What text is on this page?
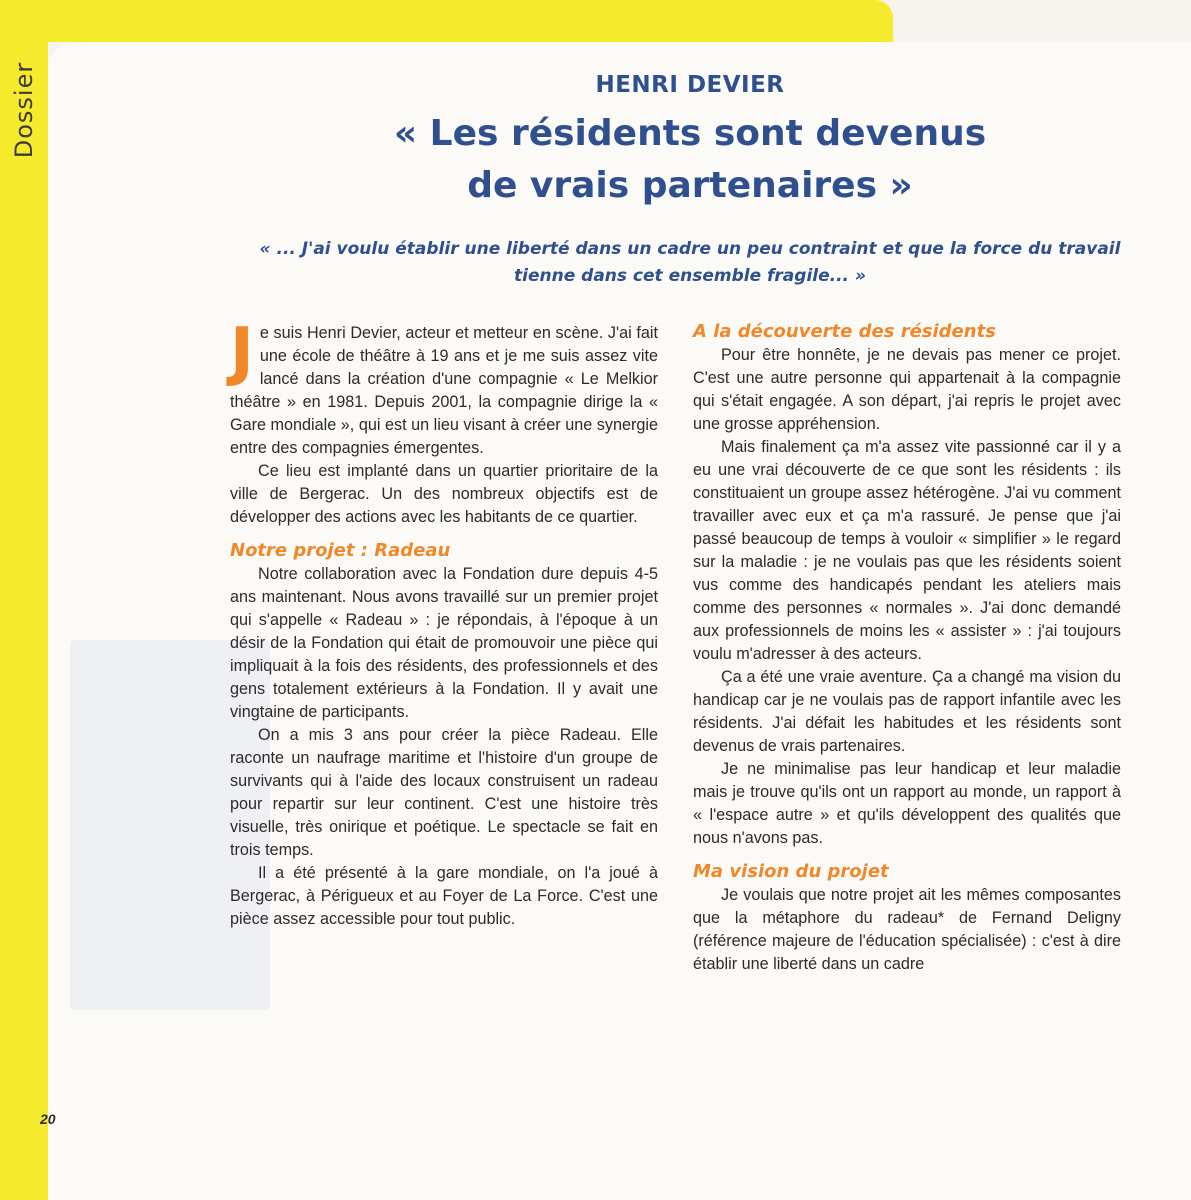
Dossier
20
HENRI DEVIER
« Les résidents sont devenus
de vrais partenaires »
« ... J'ai voulu établir une liberté dans un cadre un peu contraint et que la force du travail
tienne dans cet ensemble fragile... »

Je suis Henri Devier, acteur et metteur en scène. J'ai fait une école de théâtre à 19 ans et je me suis assez vite lancé dans la création d'une compagnie « Le Melkior théâtre » en 1981. Depuis 2001, la compagnie dirige la « Gare mondiale », qui est un lieu visant à créer une synergie entre des compagnies émergentes.

Ce lieu est implanté dans un quartier prioritaire de la ville de Bergerac. Un des nombreux objectifs est de développer des actions avec les habitants de ce quartier.

Notre projet : Radeau

Notre collaboration avec la Fondation dure depuis 4-5 ans maintenant. Nous avons travaillé sur un premier projet qui s'appelle « Radeau » : je répondais, à l'époque à un désir de la Fondation qui était de promouvoir une pièce qui impliquait à la fois des résidents, des professionnels et des gens totalement extérieurs à la Fondation. Il y avait une vingtaine de participants.

On a mis 3 ans pour créer la pièce Radeau. Elle raconte un naufrage maritime et l'histoire d'un groupe de survivants qui à l'aide des locaux construisent un radeau pour repartir sur leur continent. C'est une histoire très visuelle, très onirique et poétique. Le spectacle se fait en trois temps.

Il a été présenté à la gare mondiale, on l'a joué à Bergerac, à Périgueux et au Foyer de La Force. C'est une pièce assez accessible pour tout public.

A la découverte des résidents

Pour être honnête, je ne devais pas mener ce projet. C'est une autre personne qui appartenait à la compagnie qui s'était engagée. A son départ, j'ai repris le projet avec une grosse appréhension.

Mais finalement ça m'a assez vite passionné car il y a eu une vrai découverte de ce que sont les résidents : ils constituaient un groupe assez hétérogène. J'ai vu comment travailler avec eux et ça m'a rassuré. Je pense que j'ai passé beaucoup de temps à vouloir « simplifier » le regard sur la maladie : je ne voulais pas que les résidents soient vus comme des handicapés pendant les ateliers mais comme des personnes « normales ». J'ai donc demandé aux professionnels de moins les « assister » : j'ai toujours voulu m'adresser à des acteurs.

Ça a été une vraie aventure. Ça a changé ma vision du handicap car je ne voulais pas de rapport infantile avec les résidents. J'ai défait les habitudes et les résidents sont devenus de vrais partenaires.

Je ne minimalise pas leur handicap et leur maladie mais je trouve qu'ils ont un rapport au monde, un rapport à « l'espace autre » et qu'ils développent des qualités que nous n'avons pas.

Ma vision du projet

Je voulais que notre projet ait les mêmes composantes que la métaphore du radeau* de Fernand Deligny (référence majeure de l'éducation spécialisée) : c'est à dire établir une liberté dans un cadre
